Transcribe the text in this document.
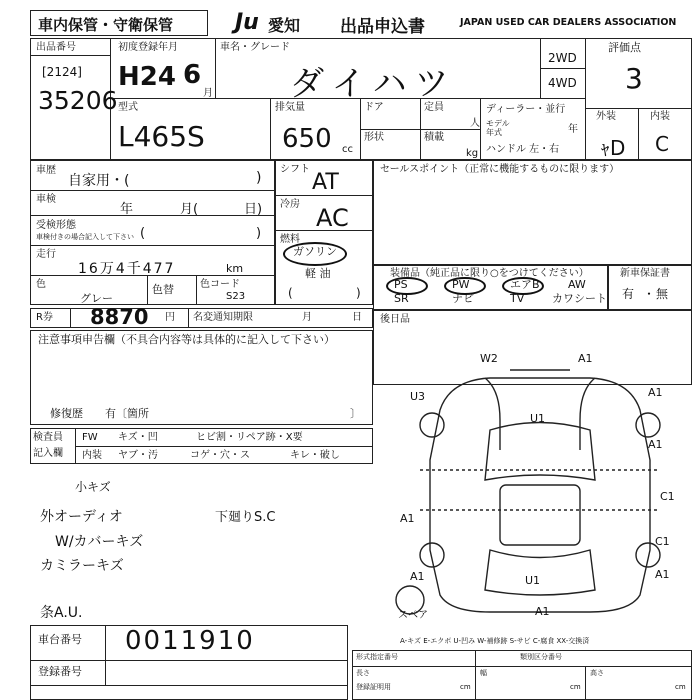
車内保管・守衛保管	Ju 愛知 出品申込書	JAPAN USED CAR DEALERS ASSOCIATION
出品番号
[2124]
35206
初度登録年月
H24 6
月
車名・グレード
ダイハツ
2WD
4WD
評価点
3
外装	内装
ｬD C
型式
L465S
排気量
650 cc
ドア	定員
人
形状	積載
kg
ディーラー・並行
モデル
年式	年
ハンドル 左・右
車歴
自家用・(	)
車検
年	月(	日)
受検形態
車検付きの場合記入して下さい (	)
走行
16万4千477	km
色
グレー
色替	色コード
S23
シフト
AT
冷房 AC
燃料
ガソリン
軽 油
(	)
セールスポイント（正常に機能するものに限ります）
装備品（純正品に限り○をつけてください）
PS	PW	エアB	AW
SR	ナビ	TV	カワシート
新車保証書
有 ・ 無
R券 8870 円 名変通知期限	月	日 後日品
注意事項申告欄（不具合内容等は具体的に記入して下さい）
修復歴　　有〔箇所	〕
検査員
記入欄
FW キズ・凹	ヒビ割・リペア跡・X要
内装 ヤブ・汚	コゲ・穴・ス	キレ・破し
小キズ
外オーディオ
W/カバーキズ
カミラーキズ
条A.U.
下廻りS.C
U3
W2	A1
A1
U1
A1
A1
C1
A1	U1
C1
A1
A1
スペア
A-キズ E-エクボ U-凹み W-補修跡 S-サビ C-腐食 XX-交換済
車台番号 0011910
登録番号
形式指定番号	類別区分番号
長さ	幅	高さ
登録証明用	cm	cm	cm
